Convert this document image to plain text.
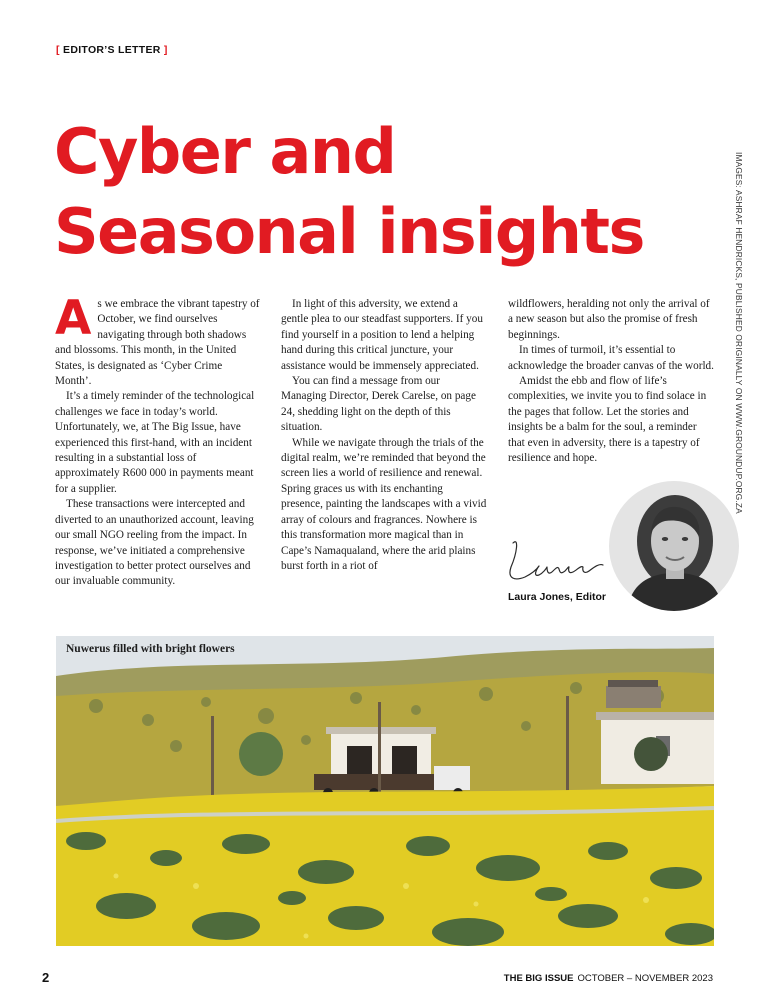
[ EDITOR’S LETTER ]
Cyber and
Seasonal insights	IMAGES: ASHRAF HENDRICKS, PUBLISHED ORIGINALLY ON WWW.GROUNDUP.ORG.ZA

As we embrace the vibrant tapestry of October, we find ourselves navigating through both shadows and blossoms. This month, in the United States, is designated as ‘Cyber Crime Month’.

It’s a timely reminder of the technological challenges we face in today’s world. Unfortunately, we, at The Big Issue, have experienced this first-hand, with an incident resulting in a substantial loss of approximately R600 000 in payments meant for a supplier.

These transactions were intercepted and diverted to an unauthorized account, leaving our small NGO reeling from the impact. In response, we’ve initiated a comprehensive investigation to better protect ourselves and our invaluable community.

In light of this adversity, we extend a gentle plea to our steadfast supporters. If you find yourself in a position to lend a helping hand during this critical juncture, your assistance would be immensely appreciated.

You can find a message from our Managing Director, Derek Carelse, on page 24, shedding light on the depth of this situation.

While we navigate through the trials of the digital realm, we’re reminded that beyond the screen lies a world of resilience and renewal. Spring graces us with its enchanting presence, painting the landscapes with a vivid array of colours and fragrances. Nowhere is this transformation more magical than in Cape’s Namaqualand, where the arid plains burst forth in a riot of

wildflowers, heralding not only the arrival of a new season but also the promise of fresh beginnings.

In times of turmoil, it’s essential to acknowledge the broader canvas of the world.

Amidst the ebb and flow of life’s complexities, we invite you to find solace in the pages that follow. Let the stories and insights be a balm for the soul, a reminder that even in adversity, there is a tapestry of resilience and hope.

Laura Jones, Editor
Nuwerus filled with bright flowers
2	THE BIG ISSUE OCTOBER – NOVEMBER 2023
